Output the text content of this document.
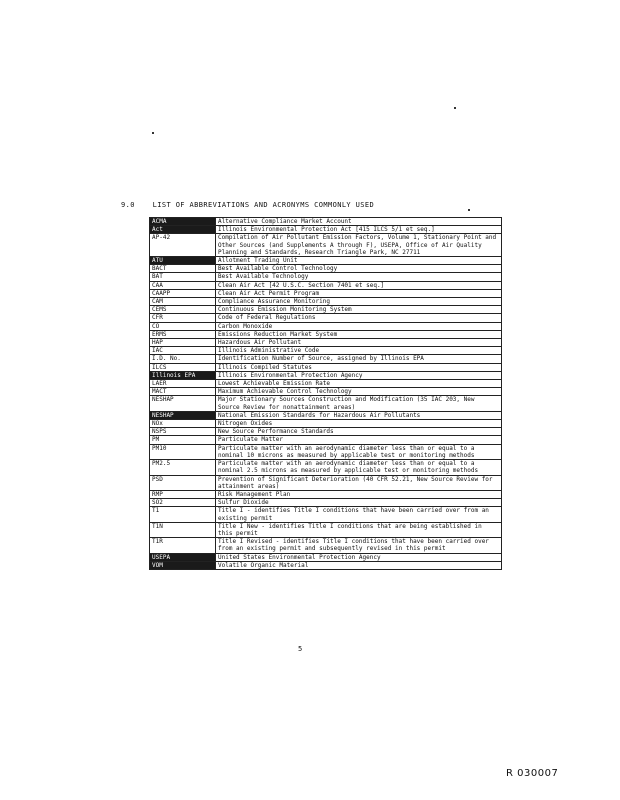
9.0	LIST OF ABBREVIATIONS AND ACRONYMS COMMONLY USED
ACMA	Alternative Compliance Market Account
Act	Illinois Environmental Protection Act [415 ILCS 5/1 et seq.]
AP-42	Compilation of Air Pollutant Emission Factors, Volume 1, Stationary Point and Other Sources (and Supplements A through F), USEPA, Office of Air Quality Planning and Standards, Research Triangle Park, NC 27711
ATU	Allotment Trading Unit
BACT	Best Available Control Technology
BAT	Best Available Technology
CAA	Clean Air Act [42 U.S.C. Section 7401 et seq.]
CAAPP	Clean Air Act Permit Program
CAM	Compliance Assurance Monitoring
CEMS	Continuous Emission Monitoring System
CFR	Code of Federal Regulations
CO	Carbon Monoxide
ERMS	Emissions Reduction Market System
HAP	Hazardous Air Pollutant
IAC	Illinois Administrative Code
I.D. No.	Identification Number of Source, assigned by Illinois EPA
ILCS	Illinois Compiled Statutes
Illinois EPA	Illinois Environmental Protection Agency
LAER	Lowest Achievable Emission Rate
MACT	Maximum Achievable Control Technology
NESHAP	Major Stationary Sources Construction and Modification (35 IAC 203, New Source Review for nonattainment areas)
NESHAP	National Emission Standards for Hazardous Air Pollutants
NOx	Nitrogen Oxides
NSPS	New Source Performance Standards
PM	Particulate Matter
PM10	Particulate matter with an aerodynamic diameter less than or equal to a nominal 10 microns as measured by applicable test or monitoring methods
PM2.5	Particulate matter with an aerodynamic diameter less than or equal to a nominal 2.5 microns as measured by applicable test or monitoring methods
PSD	Prevention of Significant Deterioration (40 CFR 52.21, New Source Review for attainment areas)
RMP	Risk Management Plan
SO2	Sulfur Dioxide
T1	Title I - identifies Title I conditions that have been carried over from an existing permit
T1N	Title I New - identifies Title I conditions that are being established in this permit
T1R	Title I Revised - identifies Title I conditions that have been carried over from an existing permit and subsequently revised in this permit
USEPA	United States Environmental Protection Agency
VOM	Volatile Organic Material
5
R 030007
